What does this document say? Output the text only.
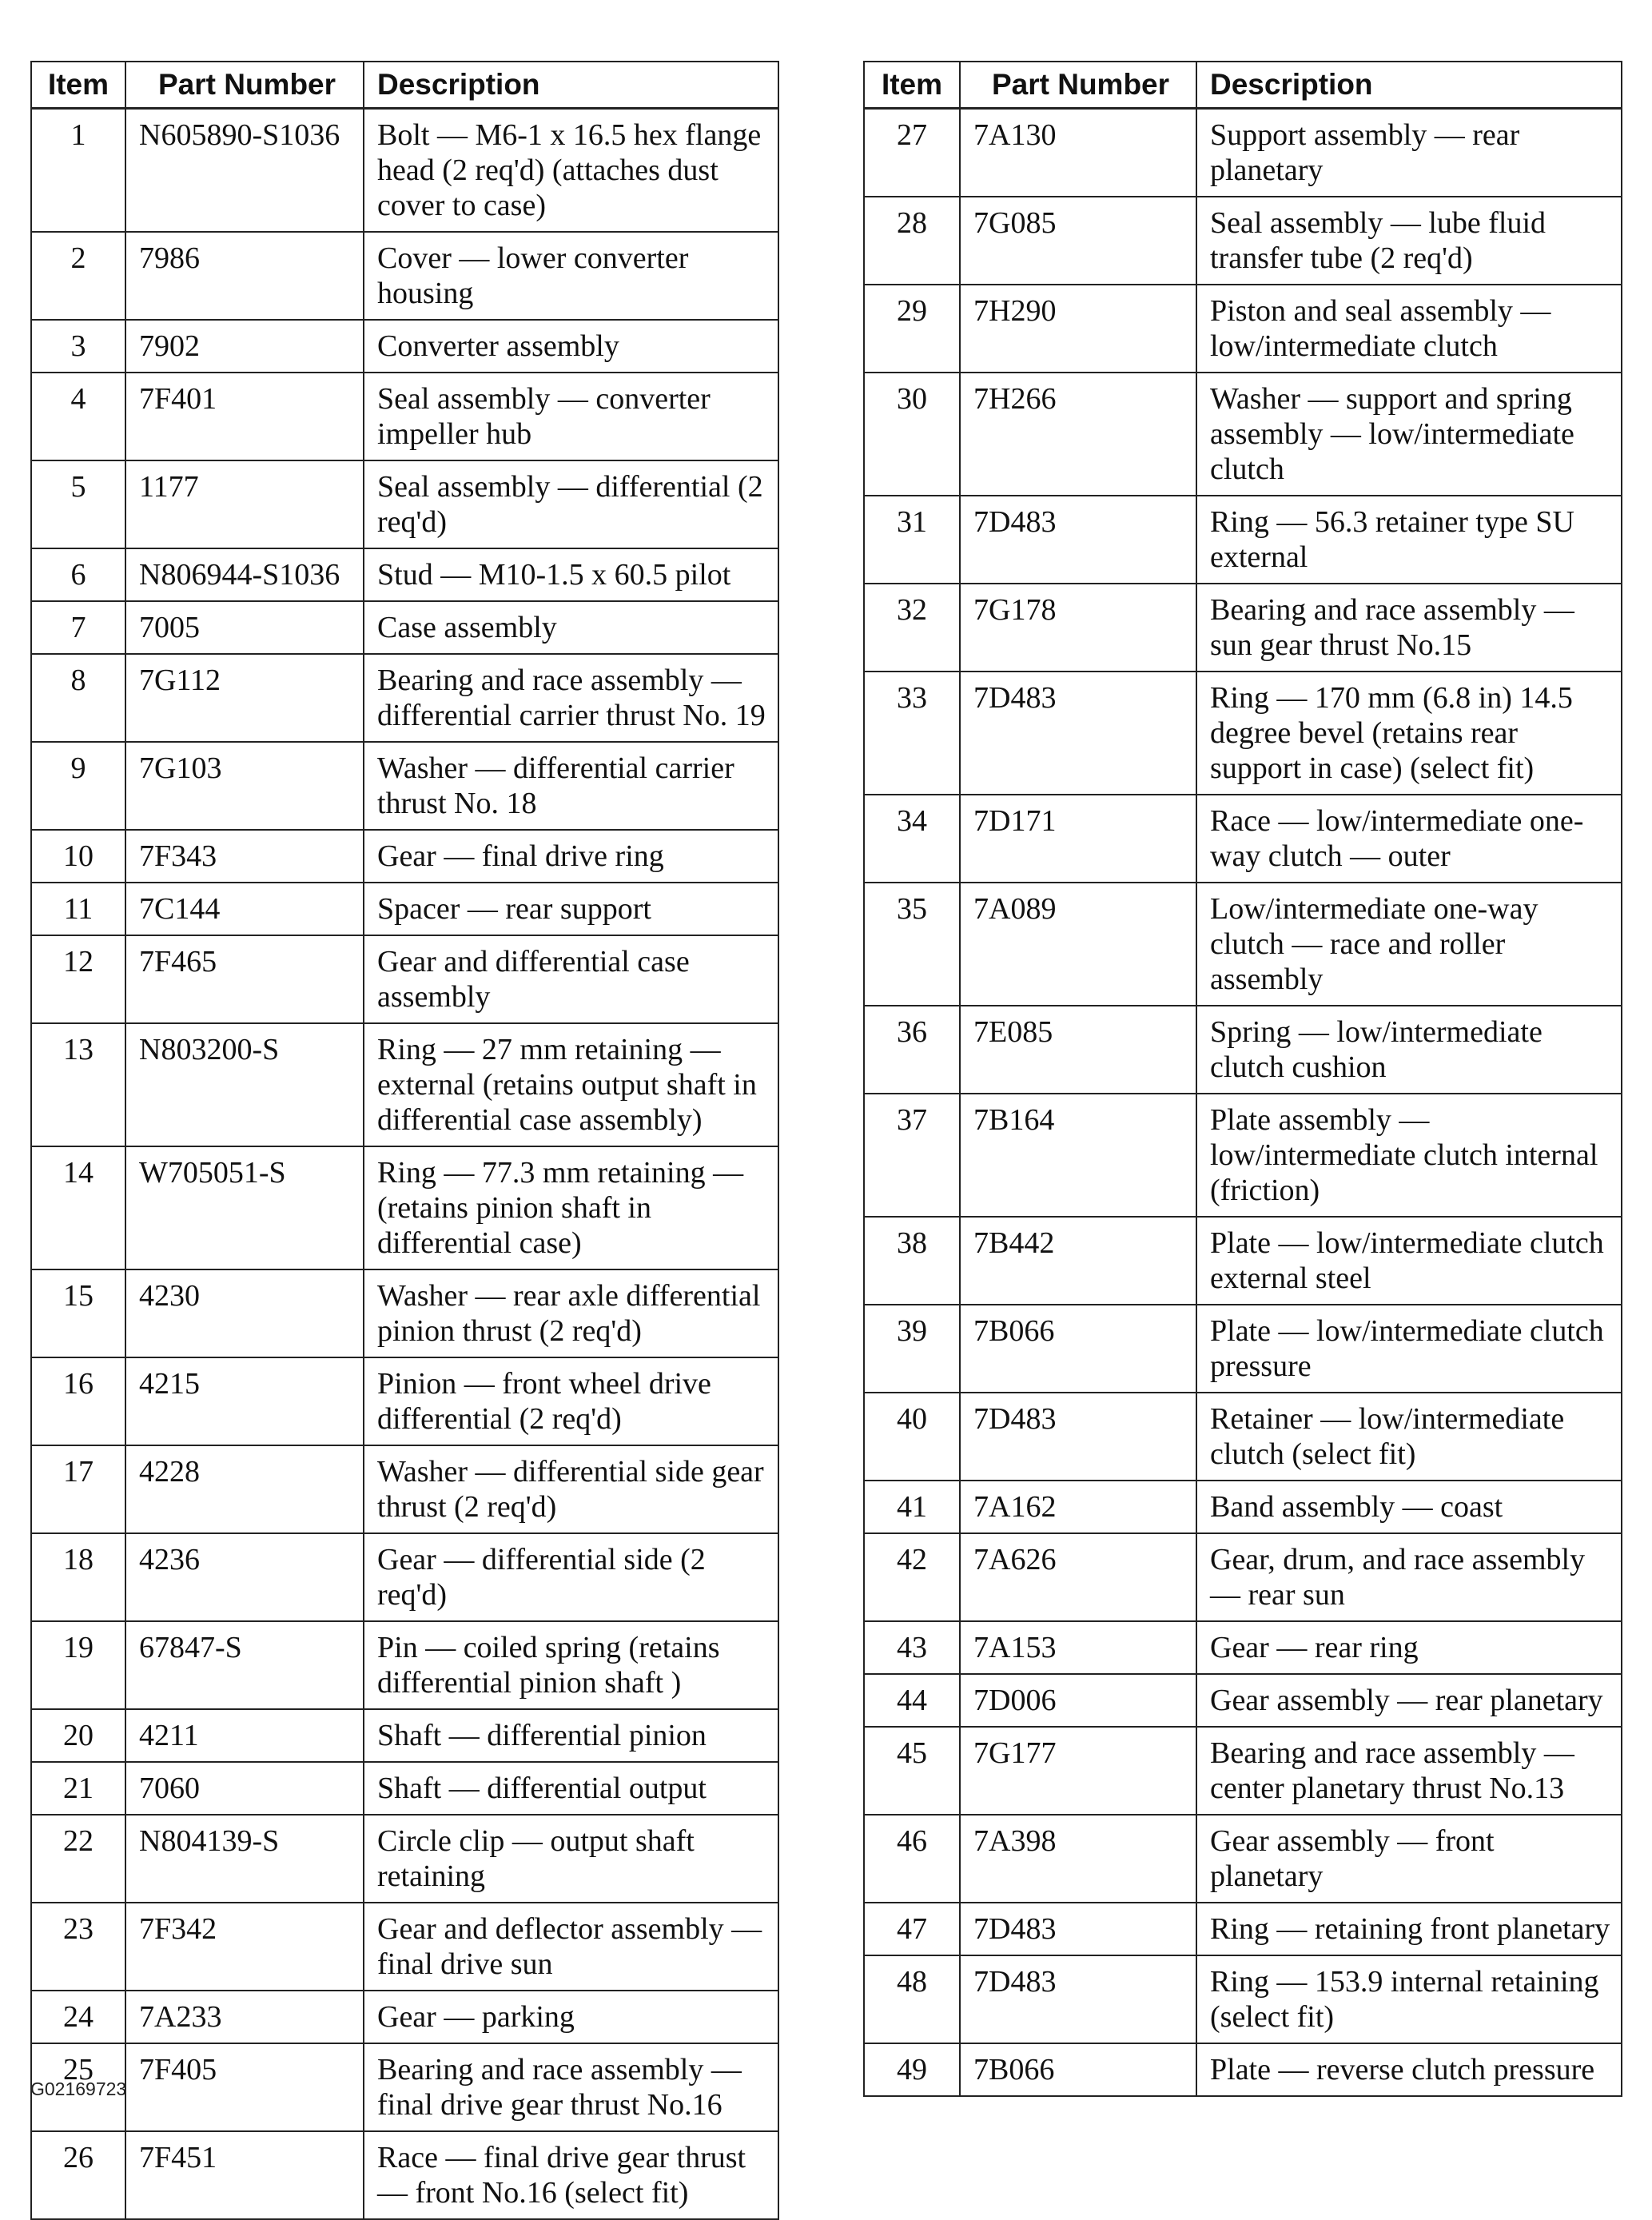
Item	Part Number	Description
1	N605890-S1036	Bolt — M6-1 x 16.5 hex flange head (2 req'd) (attaches dust cover to case)
2	7986	Cover — lower converter housing
3	7902	Converter assembly
4	7F401	Seal assembly — converter impeller hub
5	1177	Seal assembly — differential (2 req'd)
6	N806944-S1036	Stud — M10-1.5 x 60.5 pilot
7	7005	Case assembly
8	7G112	Bearing and race assembly — differential carrier thrust No. 19
9	7G103	Washer — differential carrier thrust No. 18
10	7F343	Gear — final drive ring
11	7C144	Spacer — rear support
12	7F465	Gear and differential case assembly
13	N803200-S	Ring — 27 mm retaining — external (retains output shaft in differential case assembly)
14	W705051-S	Ring — 77.3 mm retaining — (retains pinion shaft in differential case)
15	4230	Washer — rear axle differential pinion thrust (2 req'd)
16	4215	Pinion — front wheel drive differential (2 req'd)
17	4228	Washer — differential side gear thrust (2 req'd)
18	4236	Gear — differential side (2 req'd)
19	67847-S	Pin — coiled spring (retains differential pinion shaft )
20	4211	Shaft — differential pinion
21	7060	Shaft — differential output
22	N804139-S	Circle clip — output shaft retaining
23	7F342	Gear and deflector assembly — final drive sun
24	7A233	Gear — parking
25	7F405	Bearing and race assembly — final drive gear thrust No.16
26	7F451	Race — final drive gear thrust — front No.16 (select fit)
Item	Part Number	Description
27	7A130	Support assembly — rear planetary
28	7G085	Seal assembly — lube fluid transfer tube (2 req'd)
29	7H290	Piston and seal assembly — low/intermediate clutch
30	7H266	Washer — support and spring assembly — low/intermediate clutch
31	7D483	Ring — 56.3 retainer type SU external
32	7G178	Bearing and race assembly — sun gear thrust No.15
33	7D483	Ring — 170 mm (6.8 in) 14.5 degree bevel (retains rear support in case) (select fit)
34	7D171	Race — low/intermediate one-way clutch — outer
35	7A089	Low/intermediate one-way clutch — race and roller assembly
36	7E085	Spring — low/intermediate clutch cushion
37	7B164	Plate assembly — low/intermediate clutch internal (friction)
38	7B442	Plate — low/intermediate clutch external steel
39	7B066	Plate — low/intermediate clutch pressure
40	7D483	Retainer — low/intermediate clutch (select fit)
41	7A162	Band assembly — coast
42	7A626	Gear, drum, and race assembly — rear sun
43	7A153	Gear — rear ring
44	7D006	Gear assembly — rear planetary
45	7G177	Bearing and race assembly — center planetary thrust No.13
46	7A398	Gear assembly — front planetary
47	7D483	Ring — retaining front planetary
48	7D483	Ring — 153.9 internal retaining (select fit)
49	7B066	Plate — reverse clutch pressure
G02169723
